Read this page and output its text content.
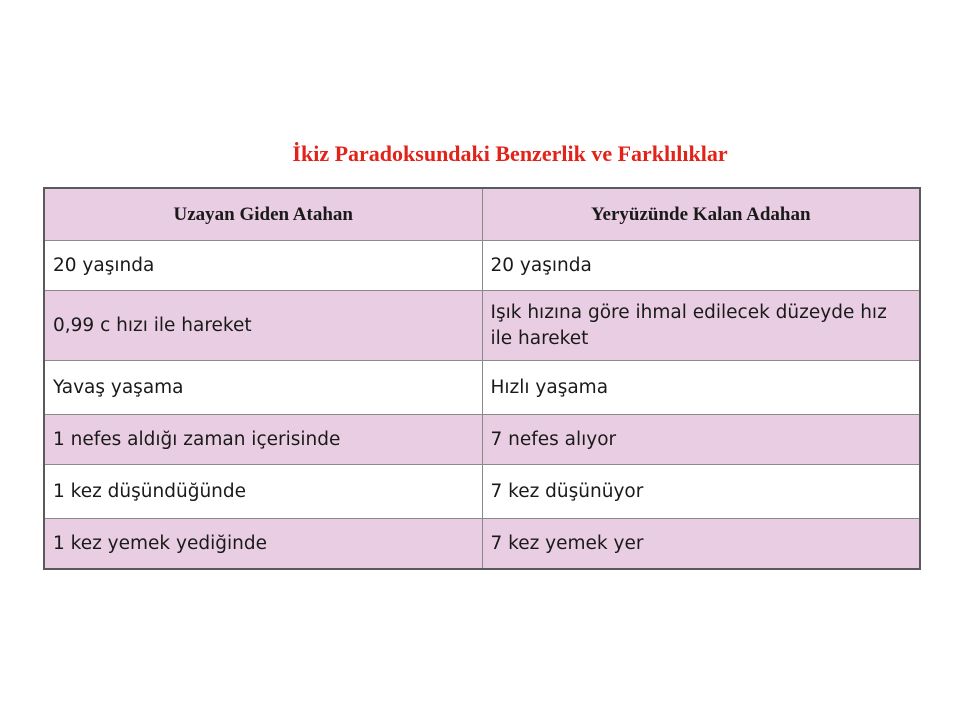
İkiz Paradoksundaki Benzerlik ve Farklılıklar
Uzayan Giden Atahan	Yeryüzünde Kalan Adahan
20 yaşında	20 yaşında
0,99 c hızı ile hareket	Işık hızına göre ihmal edilecek düzeyde hız ile hareket
Yavaş yaşama	Hızlı yaşama
1 nefes aldığı zaman içerisinde	7 nefes alıyor
1 kez düşündüğünde	7 kez düşünüyor
1 kez yemek yediğinde	7 kez yemek yer
